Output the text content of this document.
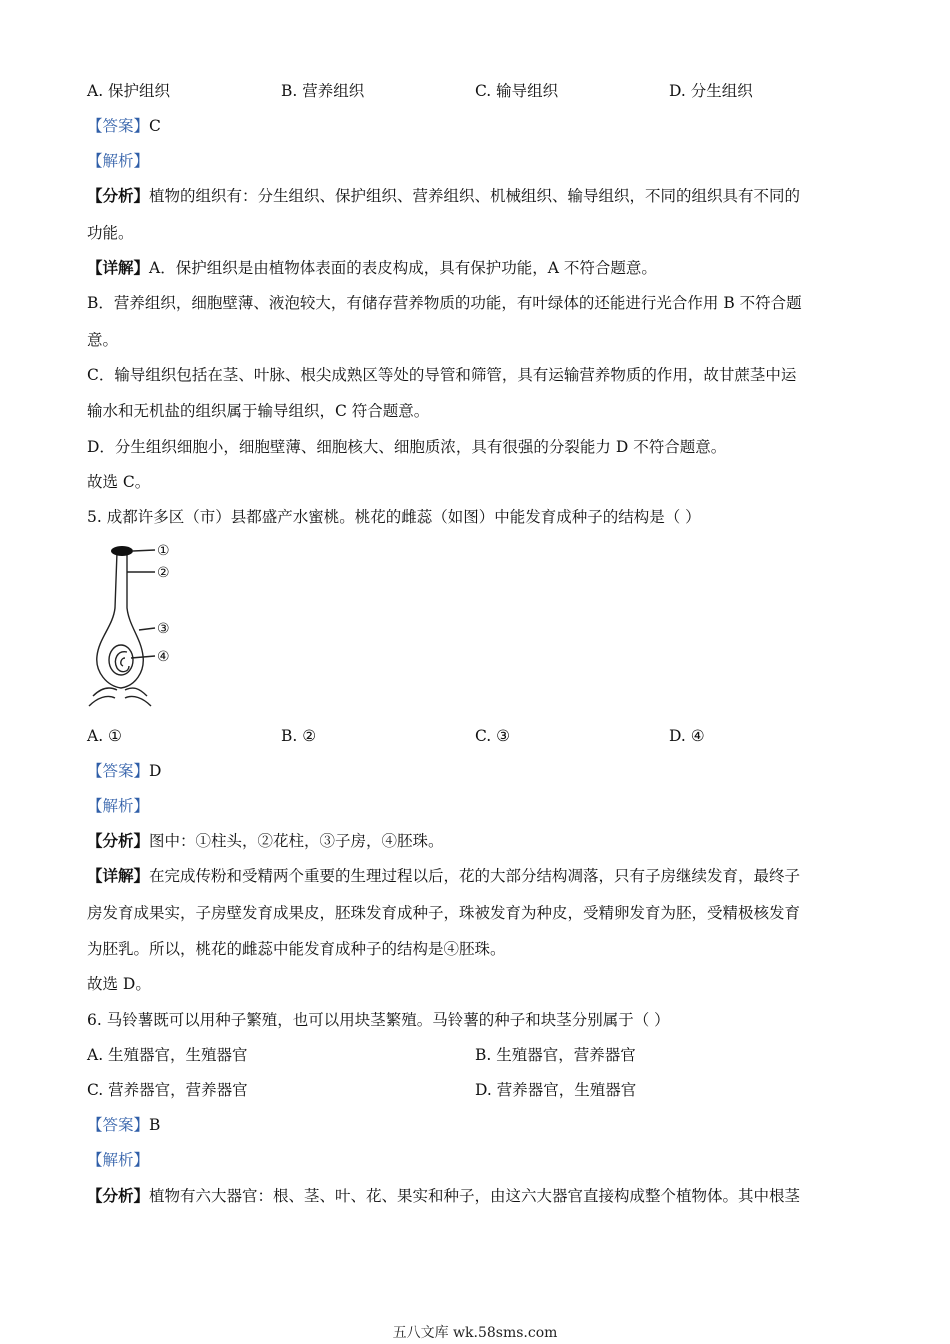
A. 保护组织	B. 营养组织	C. 输导组织	D. 分生组织
【答案】C
【解析】
【分析】植物的组织有：分生组织、保护组织、营养组织、机械组织、输导组织，不同的组织具有不同的
功能。
【详解】A．保护组织是由植物体表面的表皮构成，具有保护功能，A 不符合题意。
B．营养组织，细胞壁薄、液泡较大，有储存营养物质的功能，有叶绿体的还能进行光合作用 B 不符合题
意。
C．输导组织包括在茎、叶脉、根尖成熟区等处的导管和筛管，具有运输营养物质的作用，故甘蔗茎中运
输水和无机盐的组织属于输导组织，C 符合题意。
D．分生组织细胞小，细胞壁薄、细胞核大、细胞质浓，具有很强的分裂能力 D 不符合题意。
故选 C。
5. 成都许多区（市）县都盛产水蜜桃。桃花的雌蕊（如图）中能发育成种子的结构是（ ）
①
②
③
④
A. ①	B. ②	C. ③	D. ④
【答案】D
【解析】
【分析】图中：①柱头，②花柱，③子房，④胚珠。
【详解】在完成传粉和受精两个重要的生理过程以后，花的大部分结构凋落，只有子房继续发育，最终子
房发育成果实，子房壁发育成果皮，胚珠发育成种子，珠被发育为种皮，受精卵发育为胚，受精极核发育
为胚乳。所以，桃花的雌蕊中能发育成种子的结构是④胚珠。
故选 D。
6. 马铃薯既可以用种子繁殖，也可以用块茎繁殖。马铃薯的种子和块茎分别属于（ ）
A. 生殖器官，生殖器官	B. 生殖器官，营养器官
C. 营养器官，营养器官	D. 营养器官，生殖器官
【答案】B
【解析】
【分析】植物有六大器官：根、茎、叶、花、果实和种子，由这六大器官直接构成整个植物体。其中根茎
五八文库 wk.58sms.com
